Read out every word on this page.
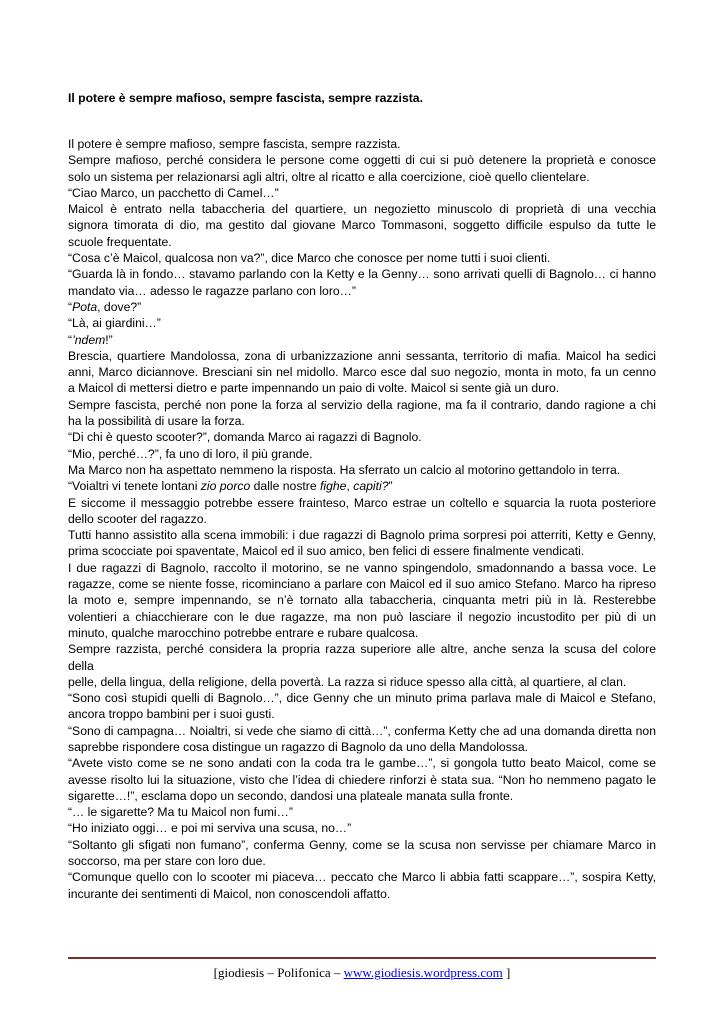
Il potere è sempre mafioso, sempre fascista, sempre razzista.
Il potere è sempre mafioso, sempre fascista, sempre razzista.
Sempre mafioso, perché considera le persone come oggetti di cui si può detenere la proprietà e conosce
solo un sistema per relazionarsi agli altri, oltre al ricatto e alla coercizione, cioè quello clientelare.
“Ciao Marco, un pacchetto di Camel…”
Maicol è entrato nella tabaccheria del quartiere, un negozietto minuscolo di proprietà di una vecchia
signora timorata di dio, ma gestito dal giovane Marco Tommasoni, soggetto difficile espulso da tutte le
scuole frequentate.
“Cosa c’è Maicol, qualcosa non va?”, dice Marco che conosce per nome tutti i suoi clienti.
“Guarda là in fondo… stavamo parlando con la Ketty e la Genny… sono arrivati quelli di Bagnolo… ci hanno
mandato via… adesso le ragazze parlano con loro…”
“Pota, dove?”
“Là, ai giardini…”
“’ndem!”
Brescia, quartiere Mandolossa, zona di urbanizzazione anni sessanta, territorio di mafia. Maicol ha sedici
anni, Marco diciannove. Bresciani sin nel midollo. Marco esce dal suo negozio, monta in moto, fa un cenno
a Maicol di mettersi dietro e parte impennando un paio di volte. Maicol si sente già un duro.
Sempre fascista, perché non pone la forza al servizio della ragione, ma fa il contrario, dando ragione a chi
ha la possibilità di usare la forza.
“Di chi è questo scooter?”, domanda Marco ai ragazzi di Bagnolo.
“Mio, perché…?”, fa uno di loro, il più grande.
Ma Marco non ha aspettato nemmeno la risposta. Ha sferrato un calcio al motorino gettandolo in terra.
“Voialtri vi tenete lontani zio porco dalle nostre fighe, capiti?”
E siccome il messaggio potrebbe essere frainteso, Marco estrae un coltello e squarcia la ruota posteriore
dello scooter del ragazzo.
Tutti hanno assistito alla scena immobili: i due ragazzi di Bagnolo prima sorpresi poi atterriti, Ketty e Genny,
prima scocciate poi spaventate, Maicol ed il suo amico, ben felici di essere finalmente vendicati.
I due ragazzi di Bagnolo, raccolto il motorino, se ne vanno spingendolo, smadonnando a bassa voce. Le
ragazze, come se niente fosse, ricominciano a parlare con Maicol ed il suo amico Stefano. Marco ha ripreso
la moto e, sempre impennando, se n’è tornato alla tabaccheria, cinquanta metri più in là. Resterebbe
volentieri a chiacchierare con le due ragazze, ma non può lasciare il negozio incustodito per più di un
minuto, qualche marocchino potrebbe entrare e rubare qualcosa.
Sempre razzista, perché considera la propria razza superiore alle altre, anche senza la scusa del colore della
pelle, della lingua, della religione, della povertà. La razza si riduce spesso alla città, al quartiere, al clan.
“Sono così stupidi quelli di Bagnolo…”, dice Genny che un minuto prima parlava male di Maicol e Stefano,
ancora troppo bambini per i suoi gusti.
“Sono di campagna… Noialtri, si vede che siamo di città…”, conferma Ketty che ad una domanda diretta non
saprebbe rispondere cosa distingue un ragazzo di Bagnolo da uno della Mandolossa.
“Avete visto come se ne sono andati con la coda tra le gambe…”, si gongola tutto beato Maicol, come se
avesse risolto lui la situazione, visto che l’idea di chiedere rinforzi è stata sua. “Non ho nemmeno pagato le
sigarette…!”, esclama dopo un secondo, dandosi una plateale manata sulla fronte.
“… le sigarette? Ma tu Maicol non fumi…”
“Ho iniziato oggi… e poi mi serviva una scusa, no…”
“Soltanto gli sfigati non fumano”, conferma Genny, come se la scusa non servisse per chiamare Marco in
soccorso, ma per stare con loro due.
“Comunque quello con lo scooter mi piaceva… peccato che Marco li abbia fatti scappare…”, sospira Ketty,
incurante dei sentimenti di Maicol, non conoscendoli affatto.
[giodiesis – Polifonica – www.giodiesis.wordpress.com ]
